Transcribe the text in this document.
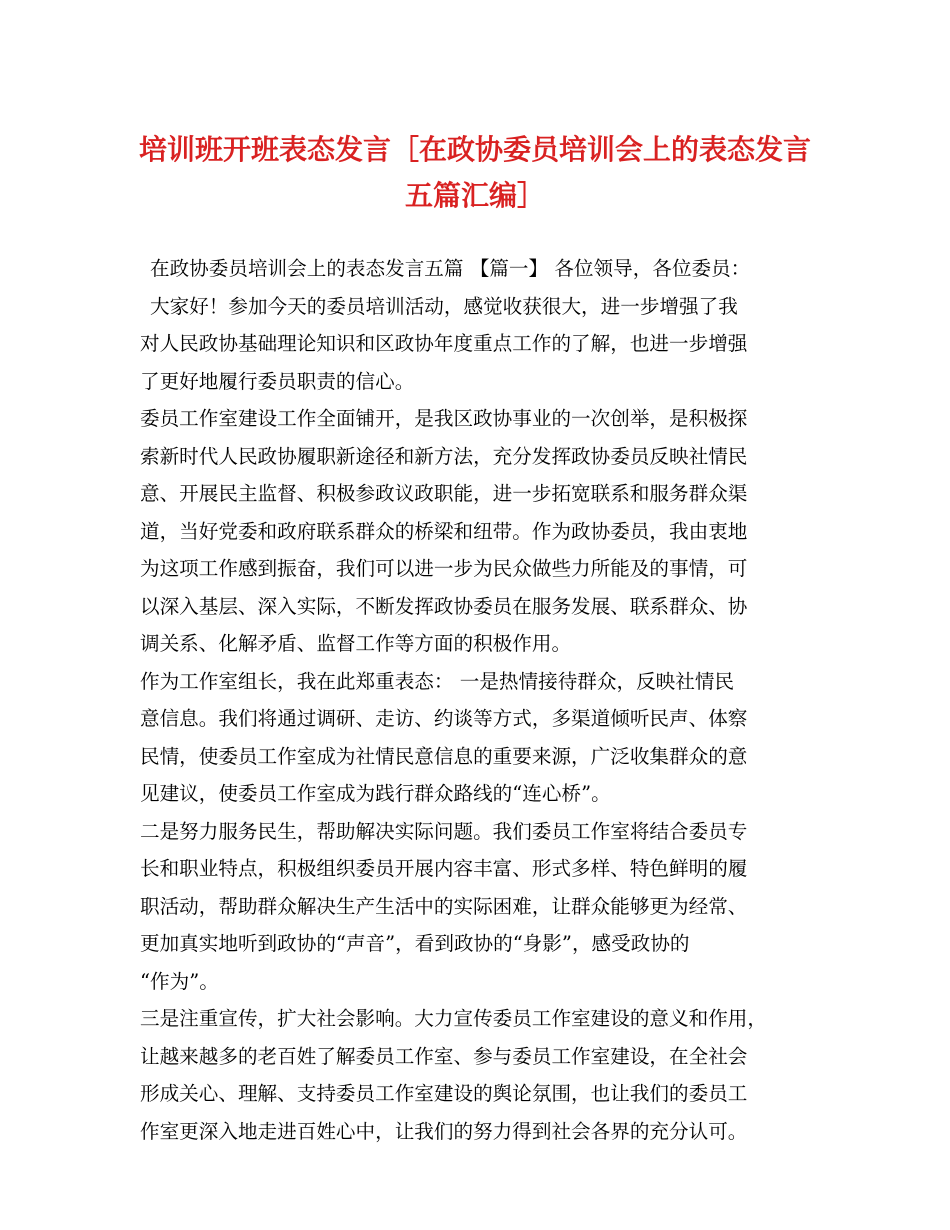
培训班开班表态发言［在政协委员培训会上的表态发言
五篇汇编］
在政协委员培训会上的表态发言五篇 【篇一】 各位领导，各位委员：
大家好！参加今天的委员培训活动，感觉收获很大，进一步增强了我
对人民政协基础理论知识和区政协年度重点工作的了解，也进一步增强
了更好地履行委员职责的信心。
委员工作室建设工作全面铺开，是我区政协事业的一次创举，是积极探
索新时代人民政协履职新途径和新方法，充分发挥政协委员反映社情民
意、开展民主监督、积极参政议政职能，进一步拓宽联系和服务群众渠
道，当好党委和政府联系群众的桥梁和纽带。作为政协委员，我由衷地
为这项工作感到振奋，我们可以进一步为民众做些力所能及的事情，可
以深入基层、深入实际，不断发挥政协委员在服务发展、联系群众、协
调关系、化解矛盾、监督工作等方面的积极作用。
作为工作室组长，我在此郑重表态： 一是热情接待群众，反映社情民
意信息。我们将通过调研、走访、约谈等方式，多渠道倾听民声、体察
民情，使委员工作室成为社情民意信息的重要来源，广泛收集群众的意
见建议，使委员工作室成为践行群众路线的“连心桥”。
二是努力服务民生，帮助解决实际问题。我们委员工作室将结合委员专
长和职业特点，积极组织委员开展内容丰富、形式多样、特色鲜明的履
职活动，帮助群众解决生产生活中的实际困难，让群众能够更为经常、
更加真实地听到政协的“声音”，看到政协的“身影”，感受政协的
“作为”。
三是注重宣传，扩大社会影响。大力宣传委员工作室建设的意义和作用，
让越来越多的老百姓了解委员工作室、参与委员工作室建设，在全社会
形成关心、理解、支持委员工作室建设的舆论氛围，也让我们的委员工
作室更深入地走进百姓心中，让我们的努力得到社会各界的充分认可。
